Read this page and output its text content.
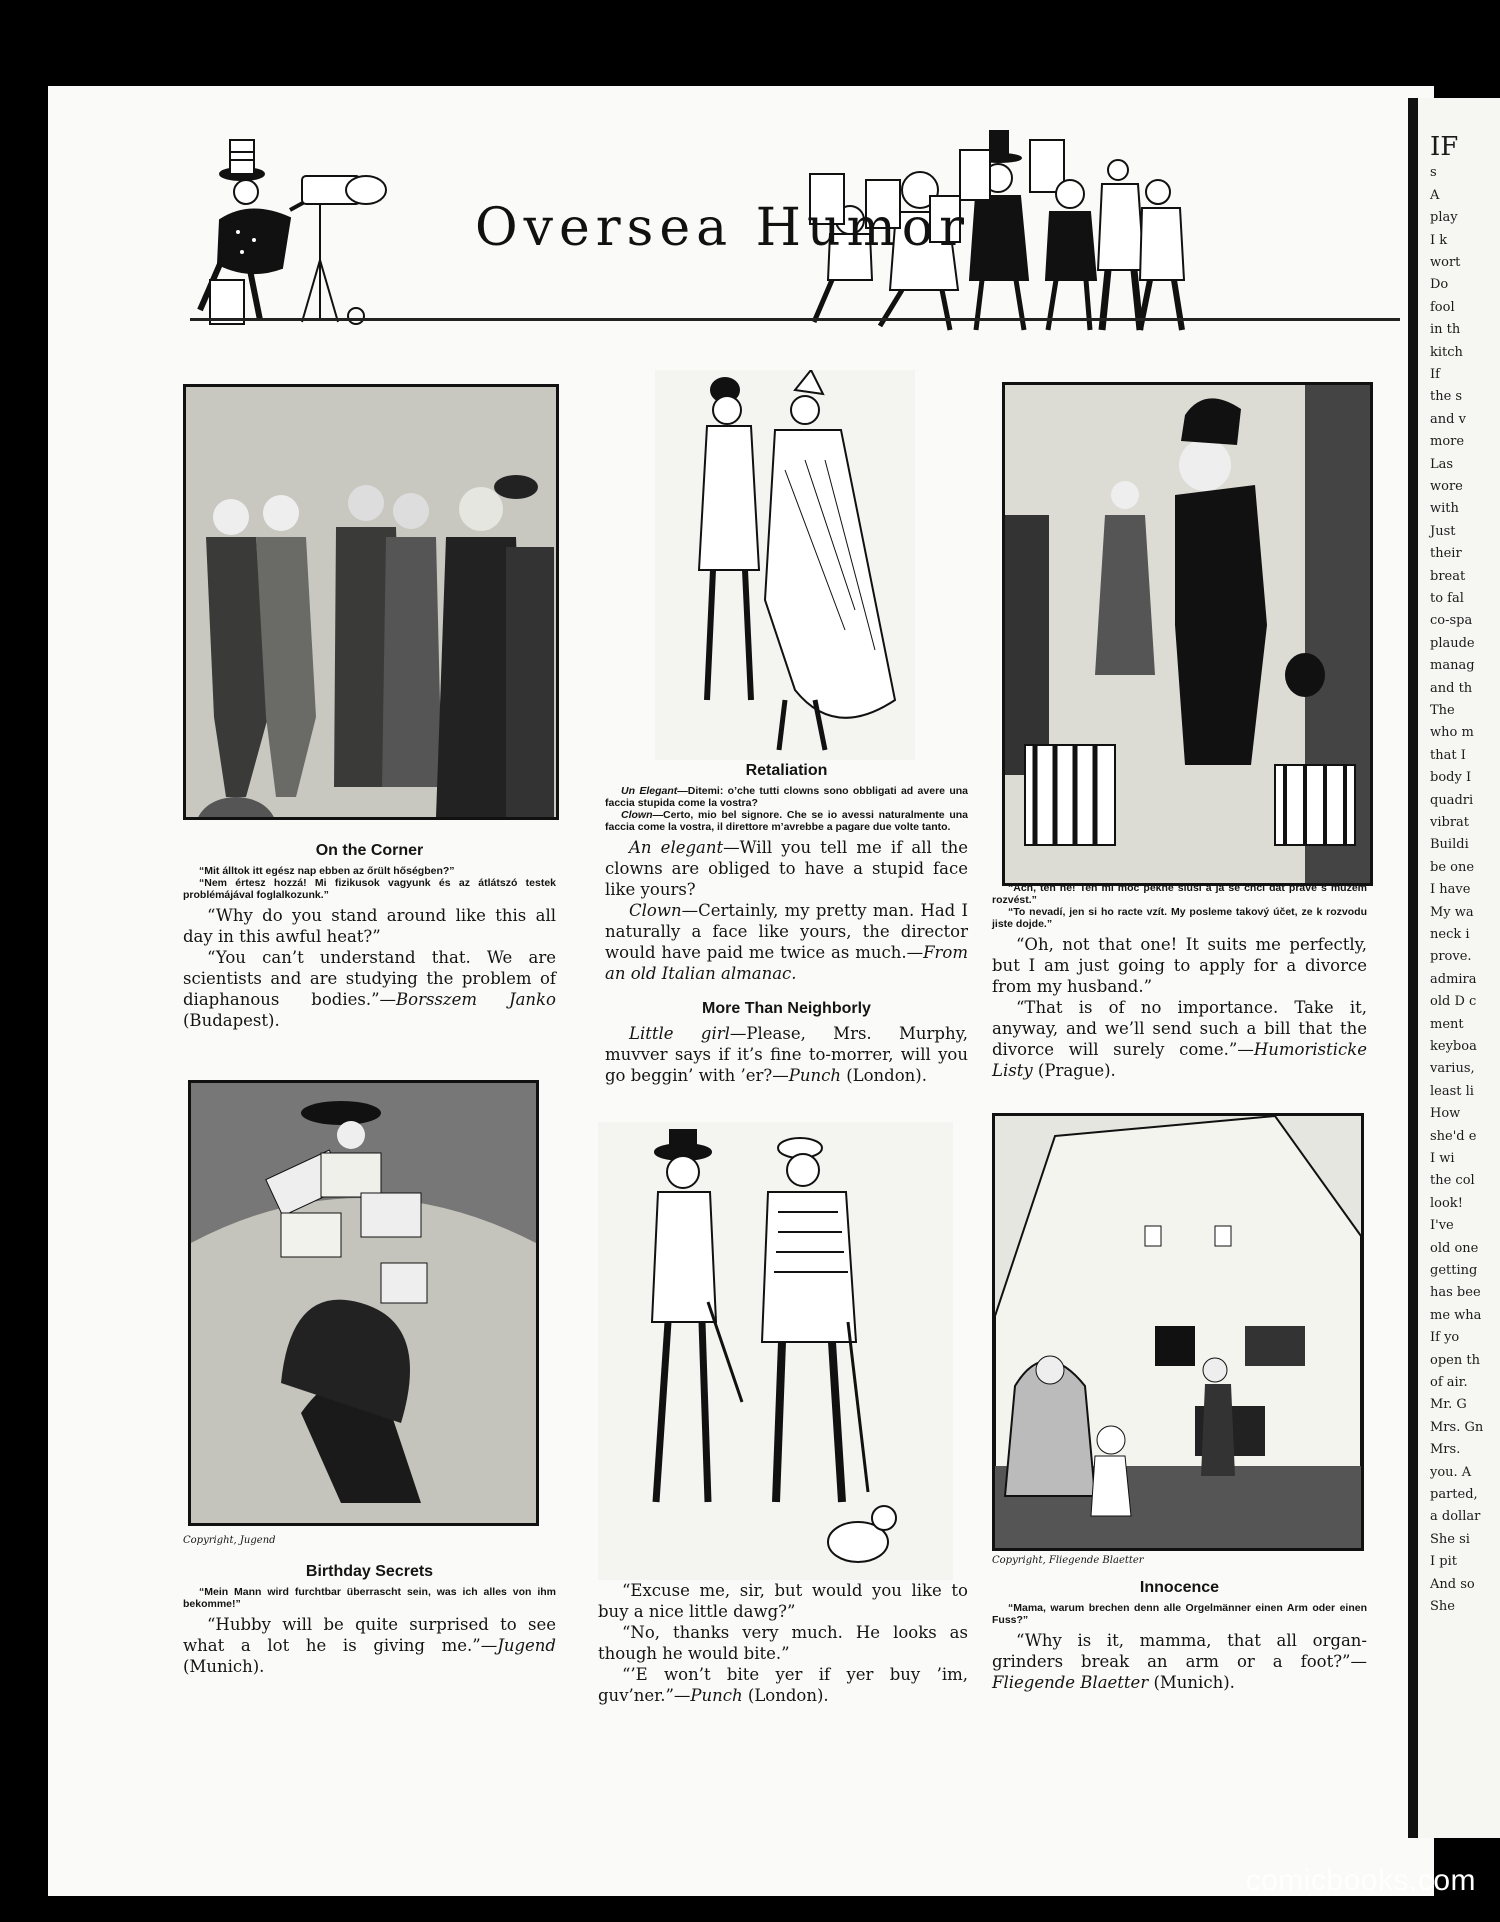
IF
s
A
play
I k
wort
Do
fool
in th
kitch
If
the s
and v
more
Las
wore
with
Just
their
breat
to fal
co-spa
plaude
manag
and th
The
who m
that I
body I
quadri
vibrat
Buildi
be one
I have
My wa
neck i
prove.
admira
old D c
ment
keyboa
varius,
least li
How
she'd e
I wi
the col
look!
I've
old one
getting
has bee
me wha
If yo
open th
of air.
Mr. G
Mrs. Gn
Mrs.
you. A
parted,
a dollar
She si
I pit
And so
She
Oversea Humor
On the Corner

“Mit álltok itt egész nap ebben az őrült hőségben?”

“Nem értesz hozzá! Mi fizikusok vagyunk és az átlátszó testek problémájával foglalkozunk.”

“Why do you stand around like this all day in this awful heat?”

“You can’t understand that. We are scientists and are studying the problem of diaphanous bodies.”—Borsszem Janko (Budapest).

Retaliation

Un Elegant—Ditemi: o’che tutti clowns sono obbligati ad avere una faccia stupida come la vostra?

Clown—Certo, mio bel signore. Che se io avessi naturalmente una faccia come la vostra, il direttore m’avrebbe a pagare due volte tanto.

An elegant—Will you tell me if all the clowns are obliged to have a stupid face like yours?

Clown—Certainly, my pretty man. Had I naturally a face like yours, the director would have paid me twice as much.—From an old Italian almanac.

More Than Neighborly

Little girl—Please, Mrs. Murphy, muvver says if it’s fine to-morrer, will you go beggin’ with ’er?—Punch (London).

“Ach, ten ne! Ten mi moc pěkne slusí a já se chci dát právě s muzem rozvést.”

“To nevadí, jen si ho racte vzít. My posleme takový účet, ze k rozvodu jiste dojde.”

“Oh, not that one! It suits me perfectly, but I am just going to apply for a divorce from my husband.”

“That is of no importance. Take it, anyway, and we’ll send such a bill that the divorce will surely come.”—Humoristicke Listy (Prague).

Copyright, Jugend
Birthday Secrets

“Mein Mann wird furchtbar überrascht sein, was ich alles von ihm bekomme!”

“Hubby will be quite surprised to see what a lot he is giving me.”—Jugend (Munich).

“Excuse me, sir, but would you like to buy a nice little dawg?”

“No, thanks very much. He looks as though he would bite.”

“’E won’t bite yer if yer buy ’im, guv’ner.”—Punch (London).

Copyright, Fliegende Blaetter
Innocence

“Mama, warum brechen denn alle Orgelmänner einen Arm oder einen Fuss?”

“Why is it, mamma, that all organ-grinders break an arm or a foot?”—Fliegende Blaetter (Munich).

comicbooks.com
